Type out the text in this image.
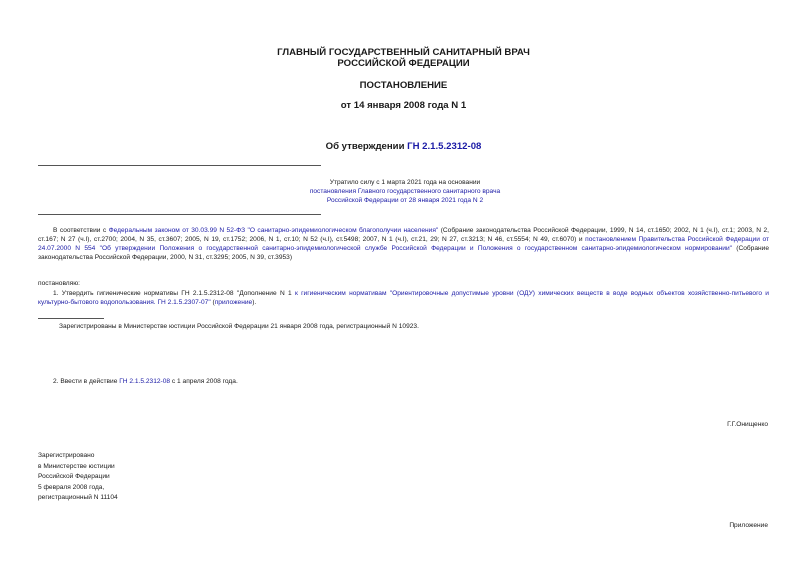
ГЛАВНЫЙ ГОСУДАРСТВЕННЫЙ САНИТАРНЫЙ ВРАЧ
РОССИЙСКОЙ ФЕДЕРАЦИИ
ПОСТАНОВЛЕНИЕ
от 14 января 2008 года N 1
Об утверждении ГН 2.1.5.2312-08
Утратило силу с 1 марта 2021 года на основании
постановления Главного государственного санитарного врача
Российской Федерации от 28 января 2021 года N 2
В соответствии с Федеральным законом от 30.03.99 N 52-ФЗ "О санитарно-эпидемиологическом благополучии населения" (Собрание законодательства Российской Федерации, 1999, N 14, ст.1650; 2002, N 1 (ч.I), ст.1; 2003, N 2, ст.167; N 27 (ч.I), ст.2700; 2004, N 35, ст.3607; 2005, N 19, ст.1752; 2006, N 1, ст.10; N 52 (ч.I), ст.5498; 2007, N 1 (ч.I), ст.21, 29; N 27, ст.3213; N 46, ст.5554; N 49, ст.6070) и постановлением Правительства Российской Федерации от 24.07.2000 N 554 "Об утверждении Положения о государственной санитарно-эпидемиологической службе Российской Федерации и Положения о государственном санитарно-эпидемиологическом нормировании" (Собрание законодательства Российской Федерации, 2000, N 31, ст.3295; 2005, N 39, ст.3953)
постановляю:
1. Утвердить гигиенические нормативы ГН 2.1.5.2312-08 "Дополнение N 1 к гигиеническим нормативам "Ориентировочные допустимые уровни (ОДУ) химических веществ в воде водных объектов хозяйственно-питьевого и культурно-бытового водопользования. ГН 2.1.5.2307-07" (приложение).
Зарегистрированы в Министерстве юстиции Российской Федерации 21 января 2008 года, регистрационный N 10923.
2. Ввести в действие ГН 2.1.5.2312-08 с 1 апреля 2008 года.
Г.Г.Онищенко
Зарегистрировано
в Министерстве юстиции
Российской Федерации
5 февраля 2008 года,
регистрационный N 11104
Приложение
